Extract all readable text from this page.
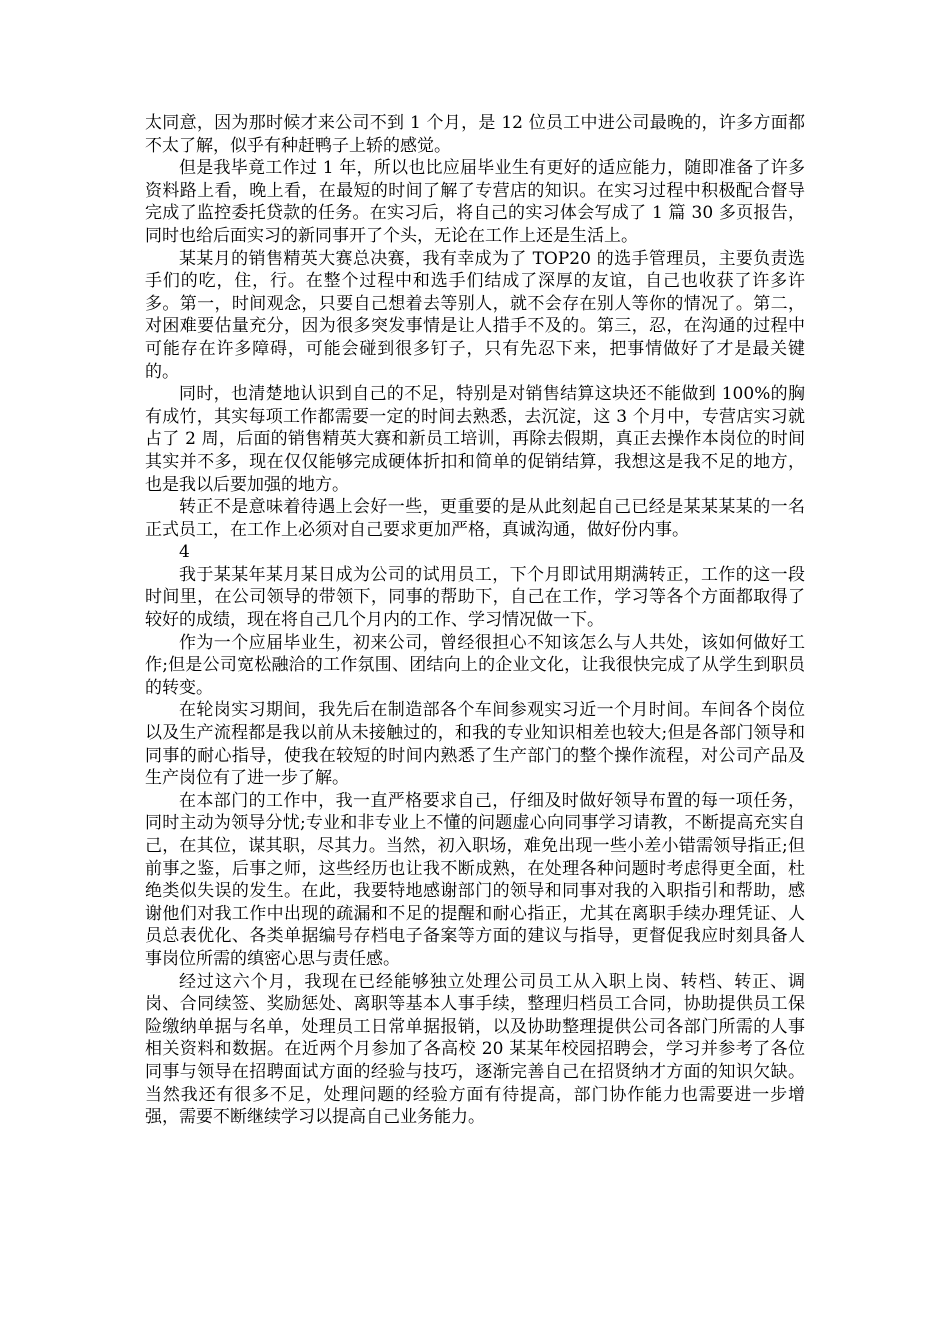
太同意，因为那时候才来公司不到 1 个月，是 12 位员工中进公司最晚的，许多方面都不太了解，似乎有种赶鸭子上轿的感觉。

但是我毕竟工作过 1 年，所以也比应届毕业生有更好的适应能力，随即准备了许多资料路上看，晚上看，在最短的时间了解了专营店的知识。在实习过程中积极配合督导完成了监控委托贷款的任务。在实习后，将自己的实习体会写成了 1 篇 30 多页报告，同时也给后面实习的新同事开了个头，无论在工作上还是生活上。

某某月的销售精英大赛总决赛，我有幸成为了 TOP20 的选手管理员，主要负责选手们的吃，住，行。在整个过程中和选手们结成了深厚的友谊，自己也收获了许多许多。第一，时间观念，只要自己想着去等别人，就不会存在别人等你的情况了。第二，对困难要估量充分，因为很多突发事情是让人措手不及的。第三，忍，在沟通的过程中可能存在许多障碍，可能会碰到很多钉子，只有先忍下来，把事情做好了才是最关键的。

同时，也清楚地认识到自己的不足，特别是对销售结算这块还不能做到 100%的胸有成竹，其实每项工作都需要一定的时间去熟悉，去沉淀，这 3 个月中，专营店实习就占了 2 周，后面的销售精英大赛和新员工培训，再除去假期，真正去操作本岗位的时间其实并不多，现在仅仅能够完成硬体折扣和简单的促销结算，我想这是我不足的地方，也是我以后要加强的地方。

转正不是意味着待遇上会好一些，更重要的是从此刻起自己已经是某某某某的一名正式员工，在工作上必须对自己要求更加严格，真诚沟通，做好份内事。

4

我于某某年某月某日成为公司的试用员工，下个月即试用期满转正，工作的这一段时间里，在公司领导的带领下，同事的帮助下，自己在工作，学习等各个方面都取得了较好的成绩，现在将自己几个月内的工作、学习情况做一下。

作为一个应届毕业生，初来公司，曾经很担心不知该怎么与人共处，该如何做好工作;但是公司宽松融洽的工作氛围、团结向上的企业文化，让我很快完成了从学生到职员的转变。

在轮岗实习期间，我先后在制造部各个车间参观实习近一个月时间。车间各个岗位以及生产流程都是我以前从未接触过的，和我的专业知识相差也较大;但是各部门领导和同事的耐心指导，使我在较短的时间内熟悉了生产部门的整个操作流程，对公司产品及生产岗位有了进一步了解。

在本部门的工作中，我一直严格要求自己，仔细及时做好领导布置的每一项任务，同时主动为领导分忧;专业和非专业上不懂的问题虚心向同事学习请教，不断提高充实自己，在其位，谋其职，尽其力。当然，初入职场，难免出现一些小差小错需领导指正;但前事之鉴，后事之师，这些经历也让我不断成熟，在处理各种问题时考虑得更全面，杜绝类似失误的发生。在此，我要特地感谢部门的领导和同事对我的入职指引和帮助，感谢他们对我工作中出现的疏漏和不足的提醒和耐心指正，尤其在离职手续办理凭证、人员总表优化、各类单据编号存档电子备案等方面的建议与指导，更督促我应时刻具备人事岗位所需的缜密心思与责任感。

经过这六个月，我现在已经能够独立处理公司员工从入职上岗、转档、转正、调岗、合同续签、奖励惩处、离职等基本人事手续，整理归档员工合同，协助提供员工保险缴纳单据与名单，处理员工日常单据报销，以及协助整理提供公司各部门所需的人事相关资料和数据。在近两个月参加了各高校 20 某某年校园招聘会，学习并参考了各位同事与领导在招聘面试方面的经验与技巧，逐渐完善自己在招贤纳才方面的知识欠缺。当然我还有很多不足，处理问题的经验方面有待提高，部门协作能力也需要进一步增强，需要不断继续学习以提高自己业务能力。
